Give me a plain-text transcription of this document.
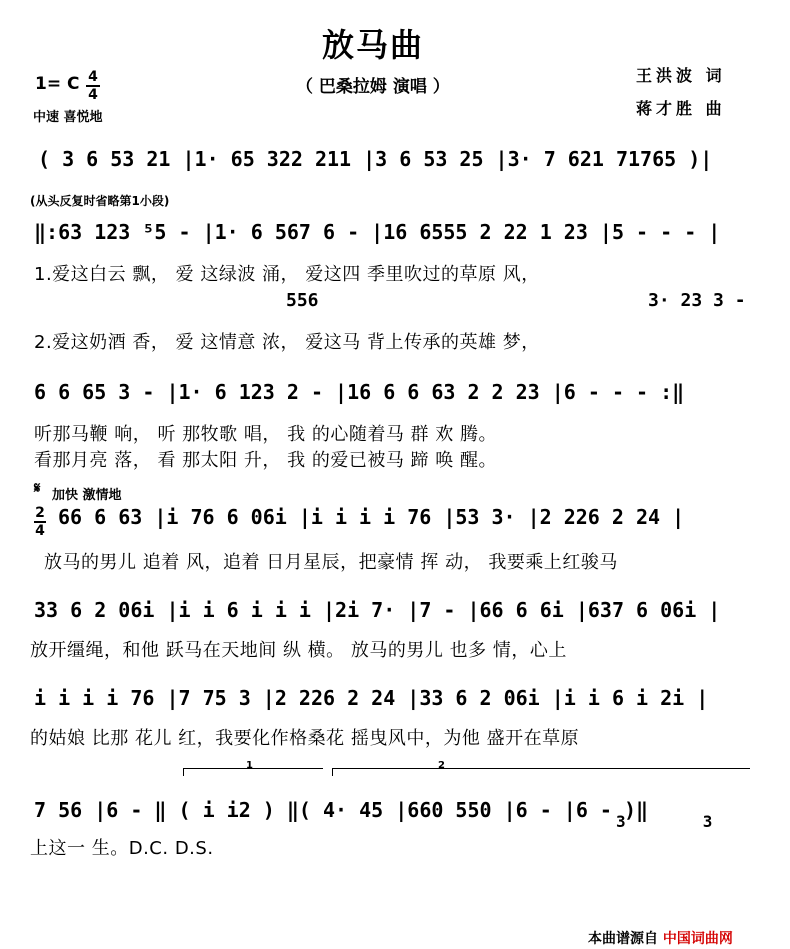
放马曲
（ 巴桑拉姆 演唱 ）
王洪波 词
蒋才胜 曲
1= C 4
4
中速 喜悦地
( 3 6 53 21 |1· 65 322 211 |3 6 53 25 |3· 7 621 71765 )|
(从头反复时省略第1小段)
‖:63 123 ⁵5 - |1· 6 567 6 - |16 6555 2 22 1 23 |5 - - - |
1.爱这白云 飘， 爱 这绿波 涌， 爱这四 季里吹过的草原 风，
556	3· 23 3 -
2.爱这奶酒 香， 爱 这情意 浓， 爱这马 背上传承的英雄 梦，
6 6 65 3 - |1· 6 123 2 - |16 6 6 63 2 2 23 |6 - - - :‖
听那马鞭 响， 听 那牧歌 唱， 我 的心随着马 群 欢 腾。
看那月亮 落， 看 那太阳 升， 我 的爱已被马 蹄 唤 醒。
𝄋 加快 激情地
2
4
66 6 63 |i 76 6 06i |i i i i 76 |53 3· |2 226 2 24 |
放马的男儿 追着 风，追着 日月星辰，把豪情 挥 动， 我要乘上红骏马
33 6 2 06i |i i 6 i i i |2i 7· |7 - |66 6 6i |637 6 06i |
放开缰绳，和他 跃马在天地间 纵 横。 放马的男儿 也多 情，心上
i i i i 76 |7 75 3 |2 226 2 24 |33 6 2 06i |i i 6 i 2i |
的姑娘 比那 花儿 红，我要化作格桑花 摇曳风中，为他 盛开在草原
1	2
7 56 |6 - ‖ ( i i2 ) ‖( 4· 45 |660 550 |6 - |6 - )‖
3        3
上这一 生。D.C. D.S.
本曲谱源自 中国词曲网
